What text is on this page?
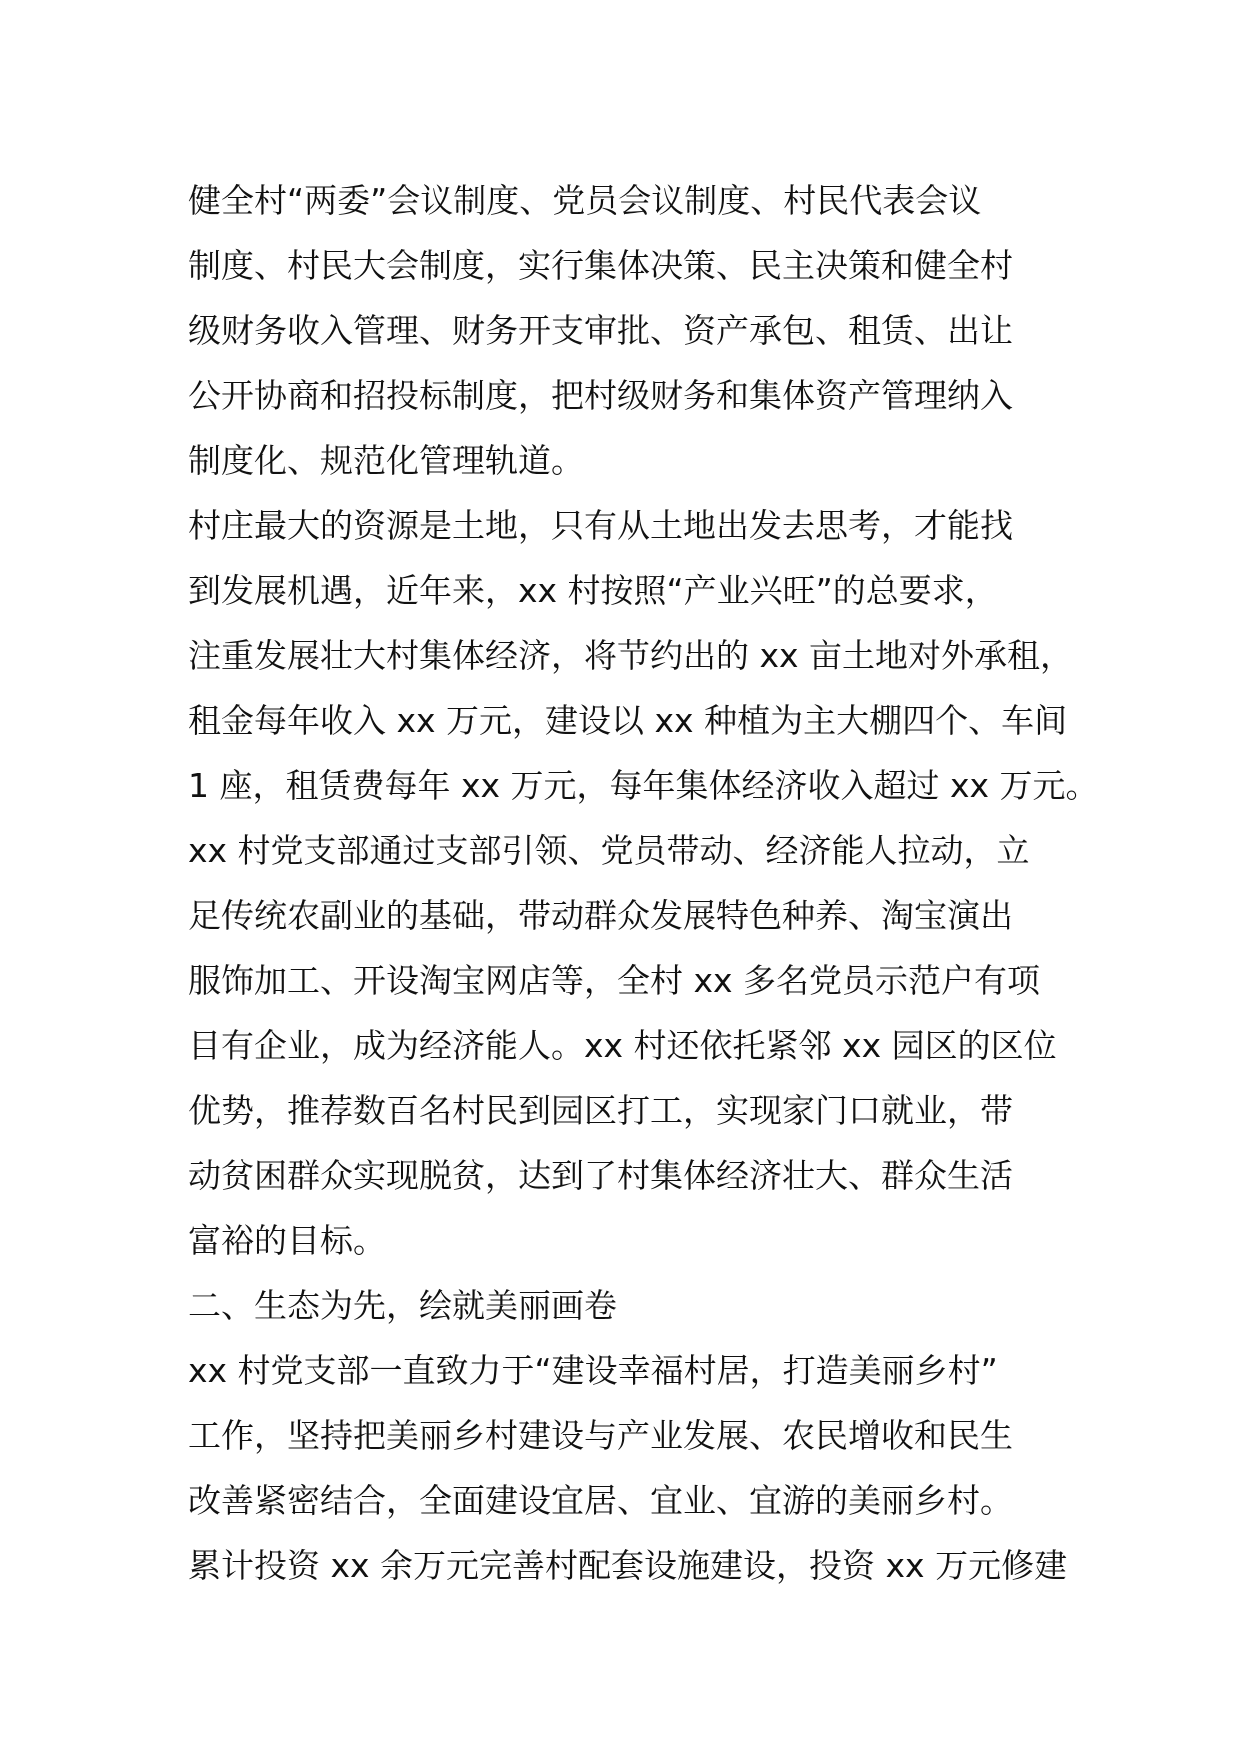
健全村“两委”会议制度、党员会议制度、村民代表会议
制度、村民大会制度，实行集体决策、民主决策和健全村
级财务收入管理、财务开支审批、资产承包、租赁、出让
公开协商和招投标制度，把村级财务和集体资产管理纳入
制度化、规范化管理轨道。
村庄最大的资源是土地，只有从土地出发去思考，才能找
到发展机遇，近年来，xx 村按照“产业兴旺”的总要求，
注重发展壮大村集体经济，将节约出的 xx 亩土地对外承租，
租金每年收入 xx 万元，建设以 xx 种植为主大棚四个、车间
1 座，租赁费每年 xx 万元，每年集体经济收入超过 xx 万元。
xx 村党支部通过支部引领、党员带动、经济能人拉动，立
足传统农副业的基础，带动群众发展特色种养、淘宝演出
服饰加工、开设淘宝网店等，全村 xx 多名党员示范户有项
目有企业，成为经济能人。xx 村还依托紧邻 xx 园区的区位
优势，推荐数百名村民到园区打工，实现家门口就业，带
动贫困群众实现脱贫，达到了村集体经济壮大、群众生活
富裕的目标。
二、生态为先，绘就美丽画卷
xx 村党支部一直致力于“建设幸福村居，打造美丽乡村”
工作，坚持把美丽乡村建设与产业发展、农民增收和民生
改善紧密结合，全面建设宜居、宜业、宜游的美丽乡村。
累计投资 xx 余万元完善村配套设施建设，投资 xx 万元修建
